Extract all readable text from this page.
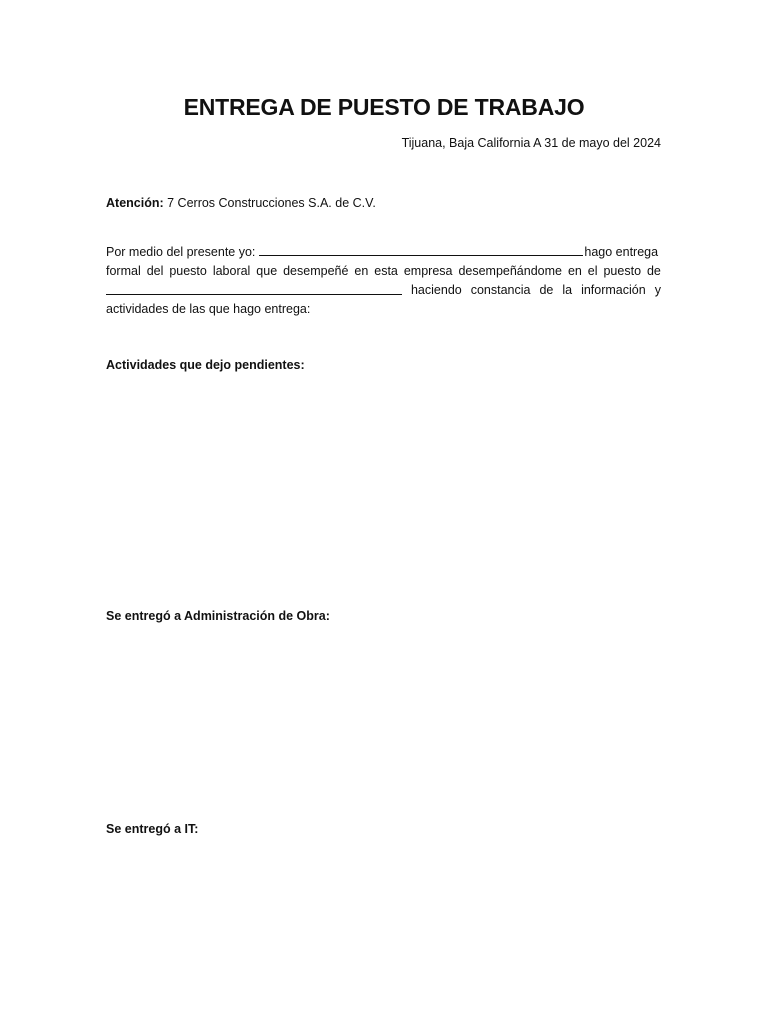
ENTREGA DE PUESTO DE TRABAJO
Tijuana, Baja California A 31 de mayo del 2024
Atención: 7 Cerros Construcciones S.A. de C.V.
Por medio del presente yo:	hago entrega
formal del puesto laboral que desempeñé en esta empresa desempeñándome en el puesto de
haciendo constancia de la información y
actividades de las que hago entrega:
Actividades que dejo pendientes:
Se entregó a Administración de Obra:
Se entregó a IT:
